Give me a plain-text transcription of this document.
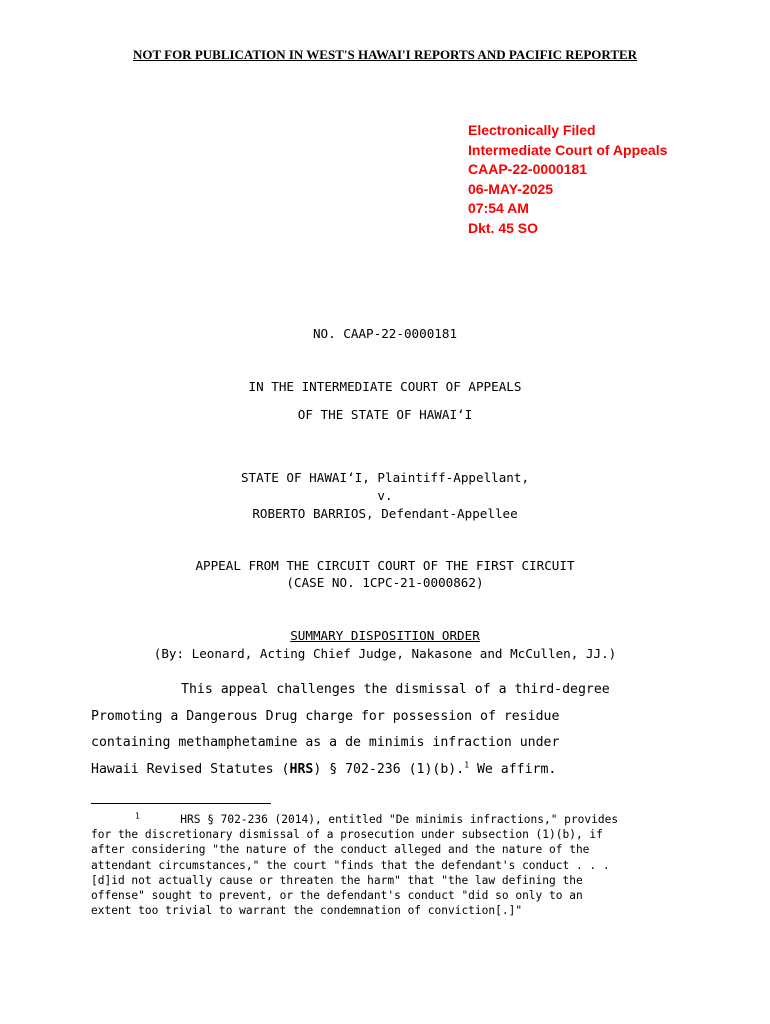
NOT FOR PUBLICATION IN WEST'S HAWAI'I REPORTS AND PACIFIC REPORTER
Electronically Filed
Intermediate Court of Appeals
CAAP-22-0000181
06-MAY-2025
07:54 AM
Dkt. 45 SO
NO. CAAP-22-0000181
IN THE INTERMEDIATE COURT OF APPEALS
OF THE STATE OF HAWAIʻI
STATE OF HAWAIʻI, Plaintiff-Appellant,
v.
ROBERTO BARRIOS, Defendant-Appellee
APPEAL FROM THE CIRCUIT COURT OF THE FIRST CIRCUIT
(CASE NO. 1CPC-21-0000862)
SUMMARY DISPOSITION ORDER
(By: Leonard, Acting Chief Judge, Nakasone and McCullen, JJ.)

This appeal challenges the dismissal of a third-degree

Promoting a Dangerous Drug charge for possession of residue

containing methamphetamine as a de minimis infraction under

Hawaii Revised Statutes (HRS) § 702-236 (1)(b).$^1$ We affirm.

$^1$	HRS § 702-236 (2014), entitled "De minimis infractions," provides
for the discretionary dismissal of a prosecution under subsection (1)(b), if
after considering "the nature of the conduct alleged and the nature of the
attendant circumstances," the court "finds that the defendant's conduct . . .
[d]id not actually cause or threaten the harm" that "the law defining the
offense" sought to prevent, or the defendant's conduct "did so only to an
extent too trivial to warrant the condemnation of conviction[.]"
